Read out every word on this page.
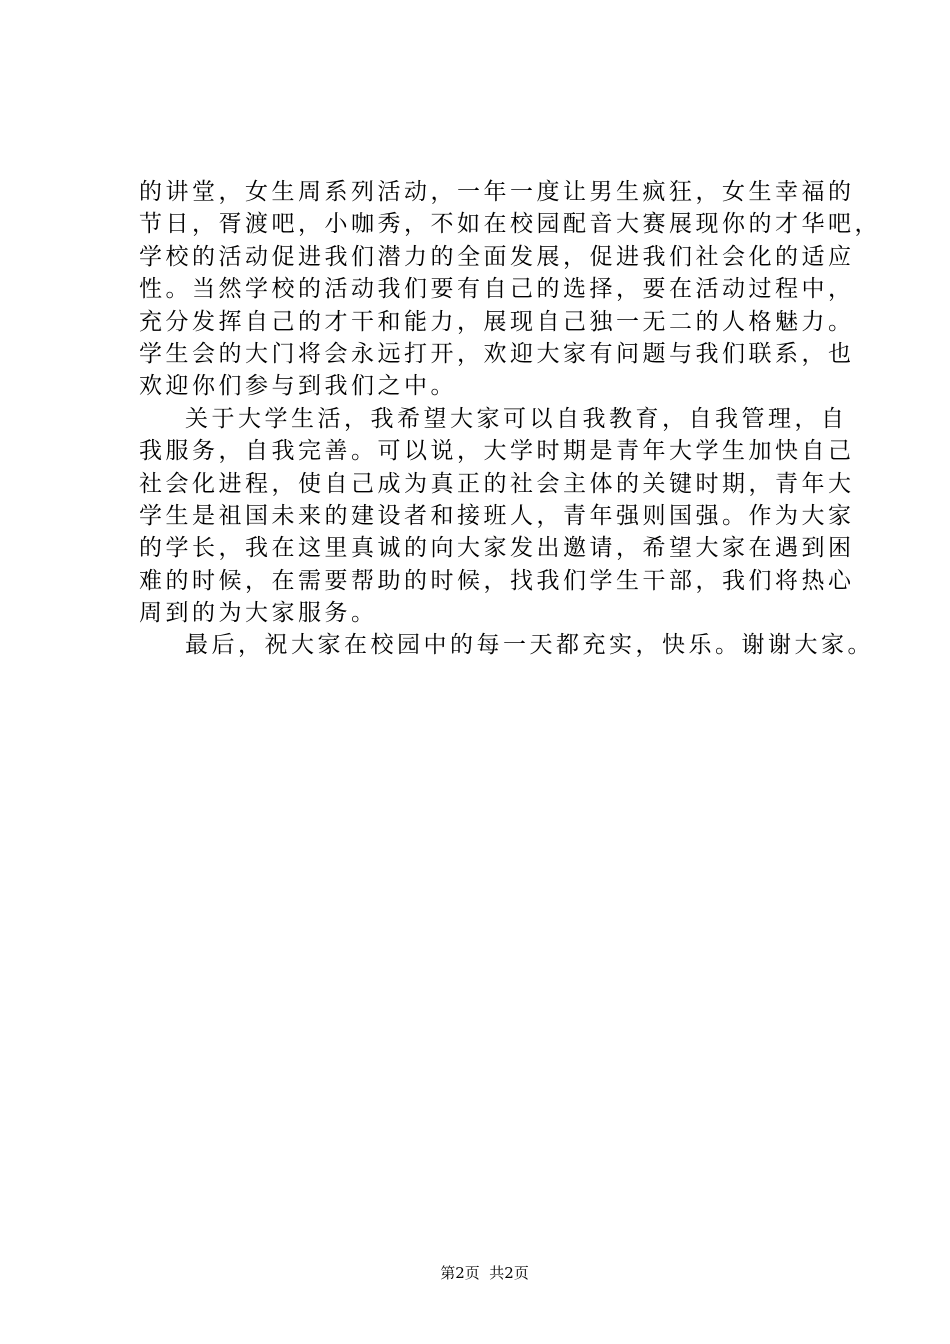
的讲堂，女生周系列活动，一年一度让男生疯狂，女生幸福的
节日，胥渡吧，小咖秀，不如在校园配音大赛展现你的才华吧，
学校的活动促进我们潜力的全面发展，促进我们社会化的适应
性。当然学校的活动我们要有自己的选择，要在活动过程中，
充分发挥自己的才干和能力，展现自己独一无二的人格魅力。
学生会的大门将会永远打开，欢迎大家有问题与我们联系，也
欢迎你们参与到我们之中。
关于大学生活，我希望大家可以自我教育，自我管理，自
我服务，自我完善。可以说，大学时期是青年大学生加快自己
社会化进程，使自己成为真正的社会主体的关键时期，青年大
学生是祖国未来的建设者和接班人，青年强则国强。作为大家
的学长，我在这里真诚的向大家发出邀请，希望大家在遇到困
难的时候，在需要帮助的时候，找我们学生干部，我们将热心
周到的为大家服务。
最后，祝大家在校园中的每一天都充实，快乐。谢谢大家。

第2页  共2页
